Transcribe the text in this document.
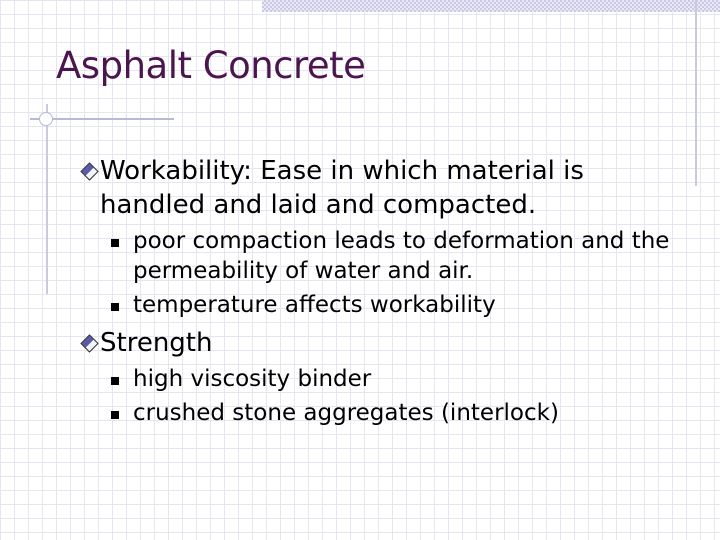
Asphalt Concrete
Workability: Ease in which material is handled and laid and compacted.
poor compaction leads to deformation and the permeability of water and air.
temperature affects workability
Strength
high viscosity binder
crushed stone aggregates (interlock)
